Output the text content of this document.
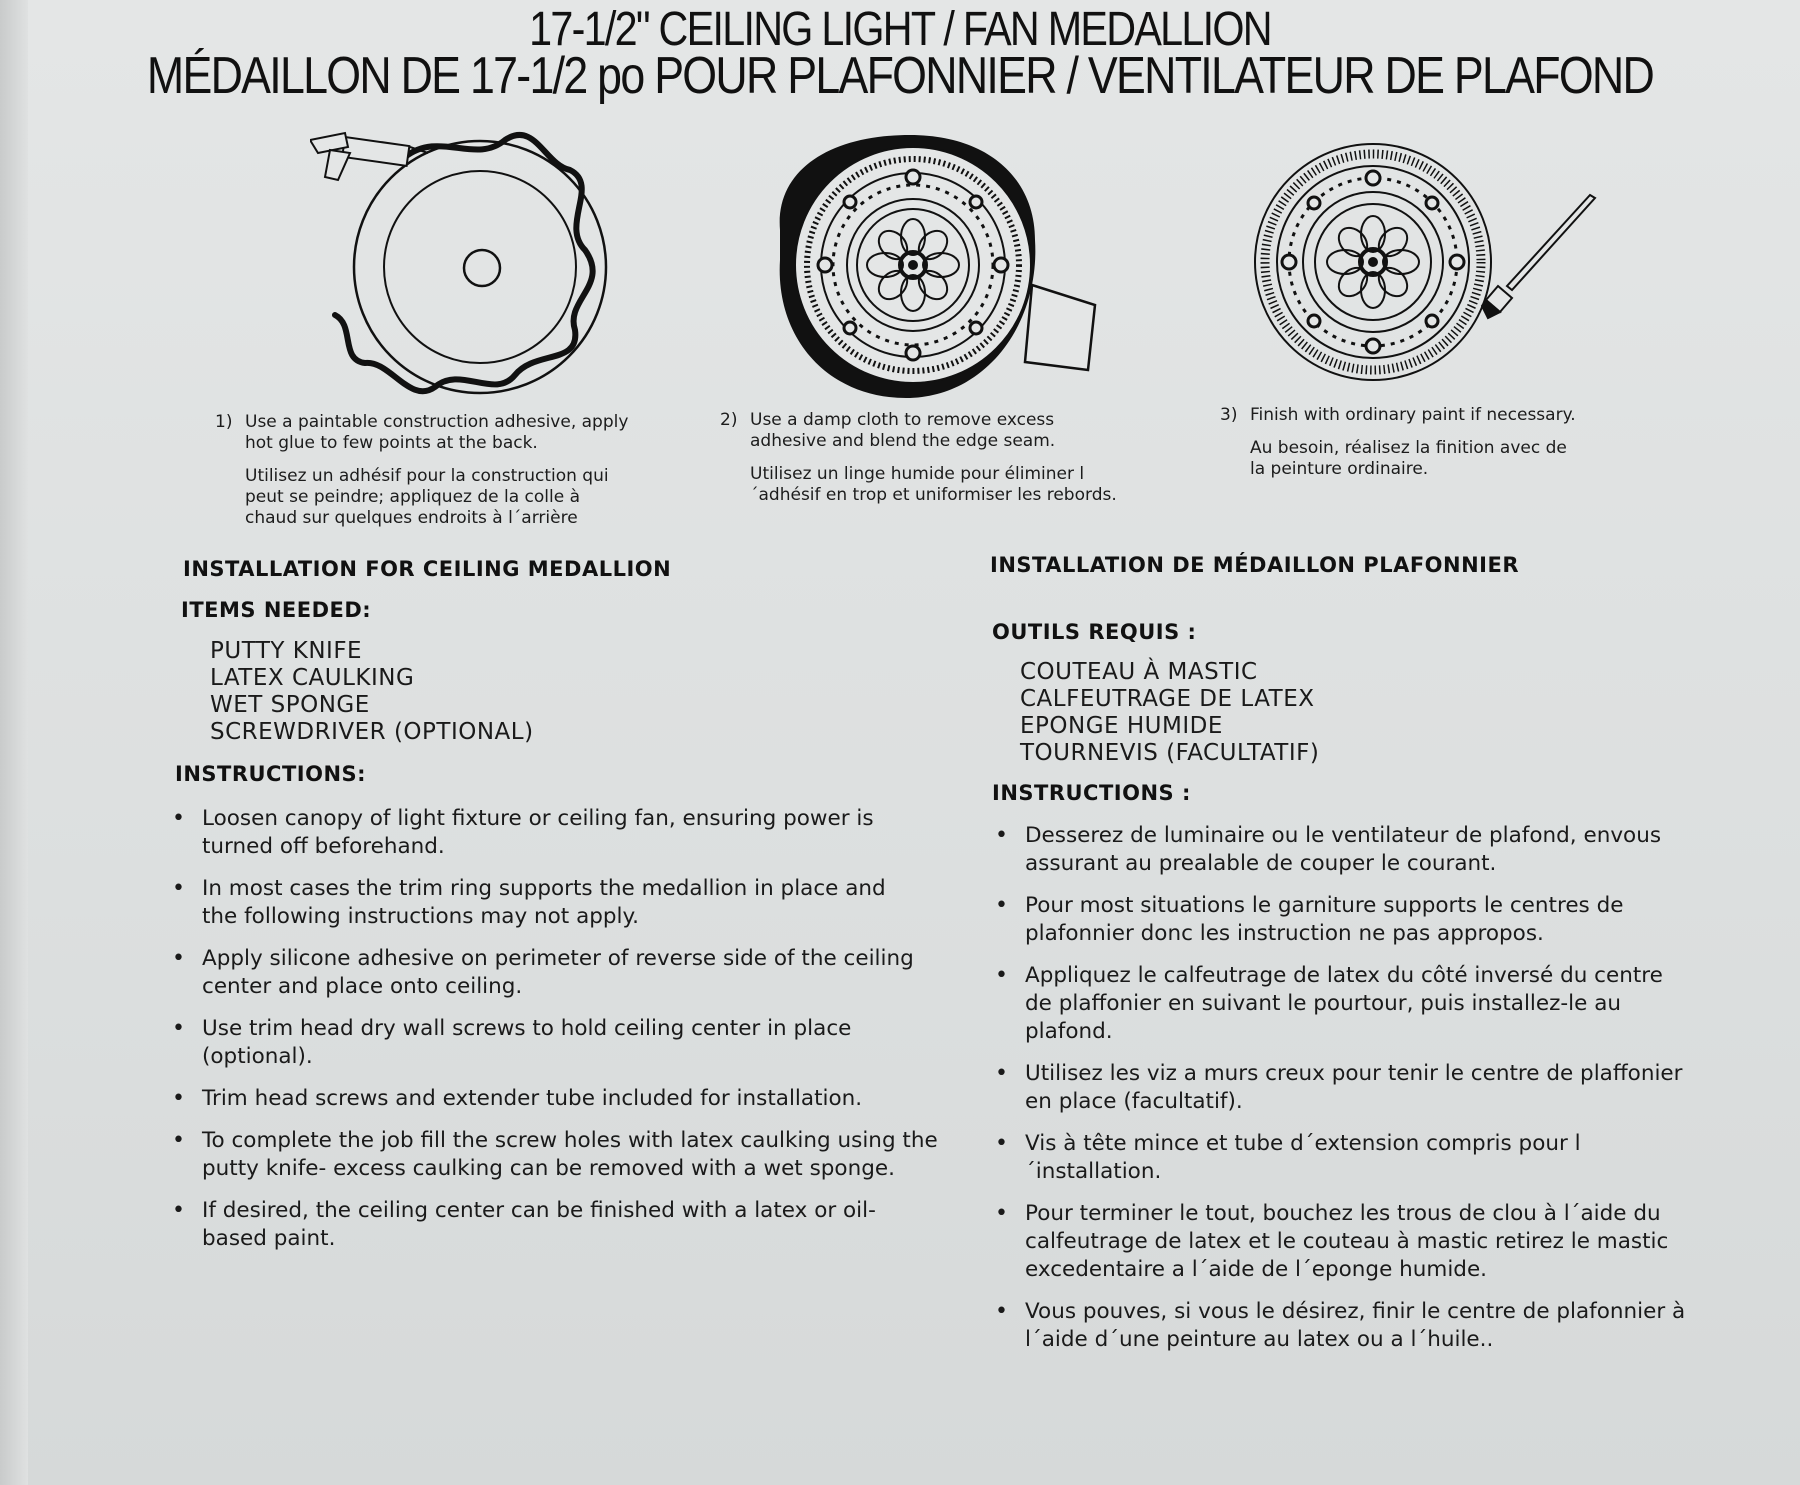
17-1/2" CEILING LIGHT / FAN MEDALLION
MÉDAILLON DE 17-1/2 po POUR PLAFONNIER / VENTILATEUR DE PLAFOND
1) Use a paintable construction adhesive, apply hot glue to few points at the back.
Utilisez un adhésif pour la construction qui peut se peindre; appliquez de la colle à chaud sur quelques endroits à l´arrière
2) Use a damp cloth to remove excess adhesive and blend the edge seam.
Utilisez un linge humide pour éliminer l´adhésif en trop et uniformiser les rebords.
3) Finish with ordinary paint if necessary.
Au besoin, réalisez la finition avec de la peinture ordinaire.
INSTALLATION FOR CEILING MEDALLION
ITEMS NEEDED:
PUTTY KNIFE
LATEX CAULKING
WET SPONGE
SCREWDRIVER (OPTIONAL)
INSTRUCTIONS:
• Loosen canopy of light fixture or ceiling fan, ensuring power is turned off beforehand.
• In most cases the trim ring supports the medallion in place and the following instructions may not apply.
• Apply silicone adhesive on perimeter of reverse side of the ceiling center and place onto ceiling.
• Use trim head dry wall screws to hold ceiling center in place (optional).
• Trim head screws and extender tube included for installation.
• To complete the job fill the screw holes with latex caulking using the putty knife- excess caulking can be removed with a wet sponge.
• If desired, the ceiling center can be finished with a latex or oil-based paint.
INSTALLATION DE MÉDAILLON PLAFONNIER
OUTILS REQUIS :
COUTEAU À MASTIC
CALFEUTRAGE DE LATEX
EPONGE HUMIDE
TOURNEVIS (FACULTATIF)
INSTRUCTIONS :
• Desserez de luminaire ou le ventilateur de plafond, envous assurant au prealable de couper le courant.
• Pour most situations le garniture supports le centres de plafonnier donc les instruction ne pas appropos.
• Appliquez le calfeutrage de latex du côté inversé du centre de plaffonier en suivant le pourtour, puis installez-le au plafond.
• Utilisez les viz a murs creux pour tenir le centre de plaffonier en place (facultatif).
• Vis à tête mince et tube d´extension compris pour l´installation.
• Pour terminer le tout, bouchez les trous de clou à l´aide du calfeutrage de latex et le couteau à mastic retirez le mastic excedentaire a l´aide de l´eponge humide.
• Vous pouves, si vous le désirez, finir le centre de plafonnier à l´aide d´une peinture au latex ou a l´huile..
